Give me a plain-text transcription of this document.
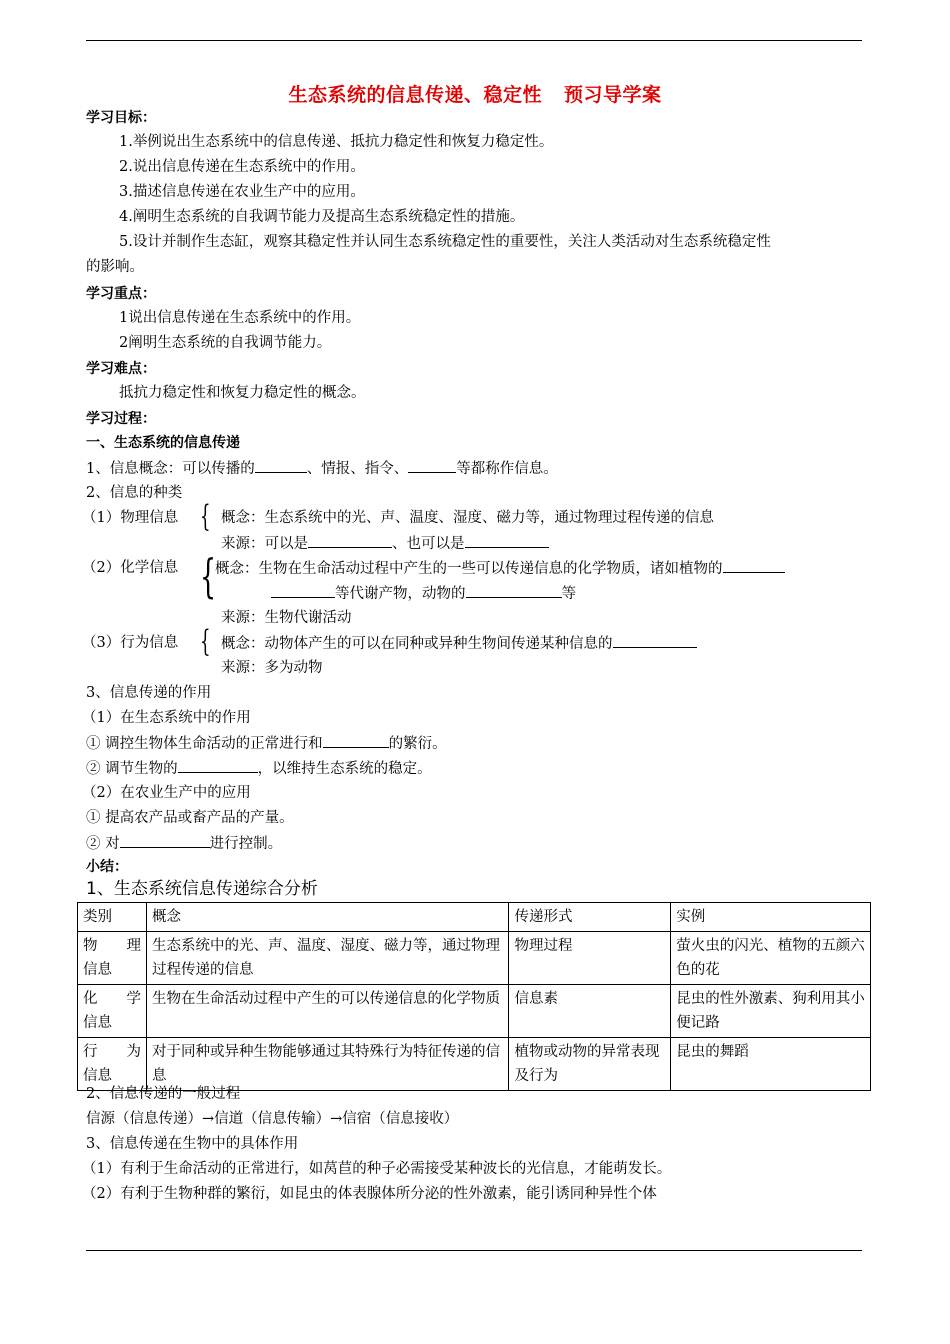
生态系统的信息传递、稳定性 预习导学案
学习目标：
1.举例说出生态系统中的信息传递、抵抗力稳定性和恢复力稳定性。
2.说出信息传递在生态系统中的作用。
3.描述信息传递在农业生产中的应用。
4.阐明生态系统的自我调节能力及提高生态系统稳定性的措施。
5.设计并制作生态缸，观察其稳定性并认同生态系统稳定性的重要性，关注人类活动对生态系统稳定性
的影响。
学习重点：
1说出信息传递在生态系统中的作用。
2阐明生态系统的自我调节能力。
学习难点：
抵抗力稳定性和恢复力稳定性的概念。
学习过程：
一、生态系统的信息传递
1、信息概念：可以传播的	、情报、指令、	等都称作信息。
2、信息的种类
（1）物理信息 { 概念：生态系统中的光、声、温度、湿度、磁力等，通过物理过程传递的信息
来源：可以是	、也可以是
（2）化学信息 {
概念：生物在生命活动过程中产生的一些可以传递信息的化学物质，诸如植物的
等代谢产物，动物的	等
来源：生物代谢活动
（3）行为信息 { 概念：动物体产生的可以在同种或异种生物间传递某种信息的
来源：多为动物
3、信息传递的作用
（1）在生态系统中的作用
① 调控生物体生命活动的正常进行和	的繁衍。
② 调节生物的	，以维持生态系统的稳定。
（2）在农业生产中的应用
① 提高农产品或畜产品的产量。
② 对	进行控制。
小结：
1、生态系统信息传递综合分析
类别	概念	传递形式	实例

物 理
信息	生态系统中的光、声、温度、湿度、磁力等，通过物理过程传递的信息	物理过程	萤火虫的闪光、植物的五颜六色的花

化 学
信息	生物在生命活动过程中产生的可以传递信息的化学物质	信息素	昆虫的性外激素、狗利用其小便记路

行 为
信息	对于同种或异种生物能够通过其特殊行为特征传递的信息	植物或动物的异常表现及行为	昆虫的舞蹈
2、信息传递的一般过程
信源（信息传递）→信道（信息传输）→信宿（信息接收）
3、信息传递在生物中的具体作用
（1）有利于生命活动的正常进行，如莴苣的种子必需接受某种波长的光信息，才能萌发长。
（2）有利于生物种群的繁衍，如昆虫的体表腺体所分泌的性外激素，能引诱同种异性个体
